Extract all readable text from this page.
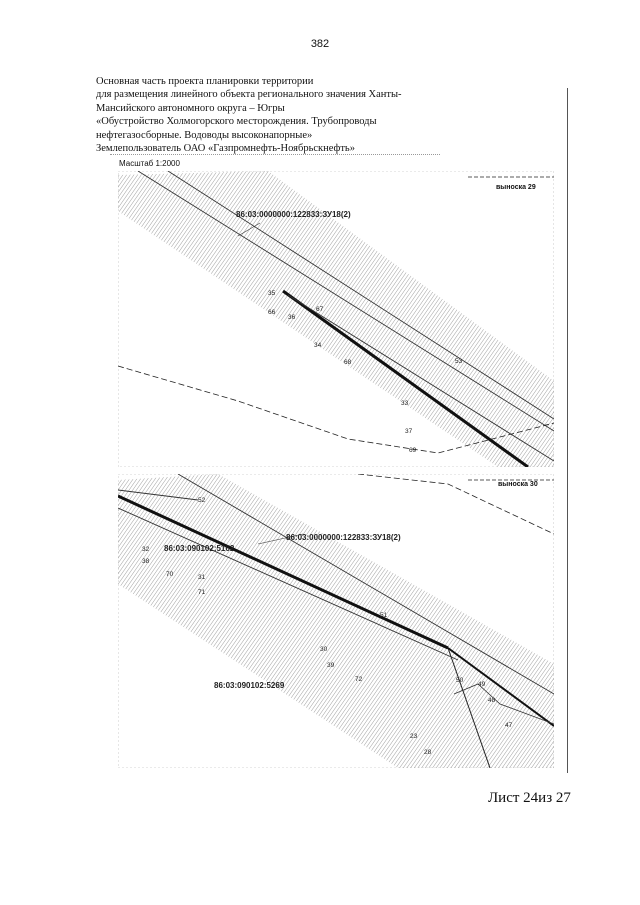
382
Основная часть проекта планировки территории
для размещения линейного объекта регионального значения Ханты-
Мансийского автономного округа – Югры
«Обустройство Холмогорского месторождения. Трубопроводы
нефтегазосборные. Водоводы высоконапорные»
Землепользователь ОАО «Газпромнефть-Ноябрьскнефть»
Масштаб 1:2000
86:03:0000000:122833:ЗУ18(2)
35
66
36
67
34
68	53
33
37
69
выноска 29
86:03:0000000:122833:ЗУ18(2)
86:03:090102:5162
86:03:090102:5269
52
32
38
70	31
71
51
30
39
72	50
49
48
47
23
28
выноска 30
Лист 24из 27
